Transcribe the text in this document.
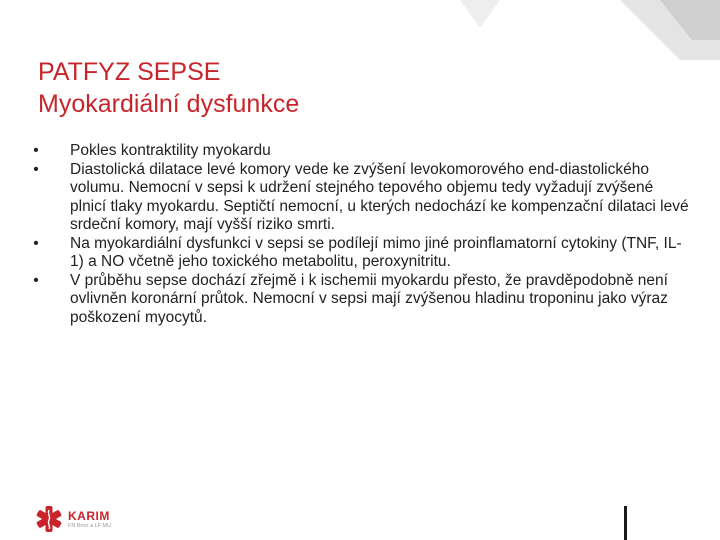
PATFYZ SEPSE
Myokardiální dysfunkce
• Pokles kontraktility myokardu
• Diastolická dilatace levé komory vede ke zvýšení levokomorového end-diastolického volumu. Nemocní v sepsi k udržení stejného tepového objemu tedy vyžadují zvýšené plnicí tlaky myokardu. Septičtí nemocní, u kterých nedochází ke kompenzační dilataci levé srdeční komory, mají vyšší riziko smrti.
• Na myokardiální dysfunkci v sepsi se podílejí mimo jiné proinflamatorní cytokiny (TNF, IL-1) a NO včetně jeho toxického metabolitu, peroxynitritu.
• V průběhu sepse dochází zřejmě i k ischemii myokardu přesto, že pravděpodobně není ovlivněn koronární průtok. Nemocní v sepsi mají zvýšenou hladinu troponinu jako výraz poškození myocytů.
KARIM
FN Brno a LF MU
